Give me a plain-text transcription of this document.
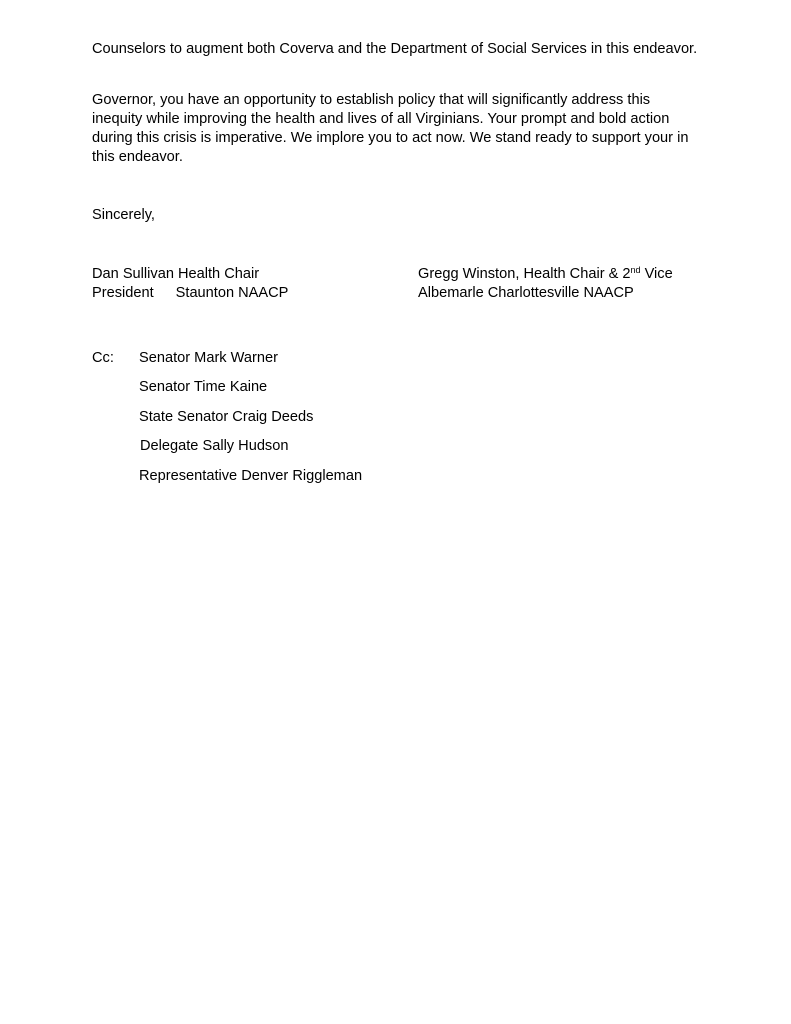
Counselors to augment both Coverva and the Department of Social Services in this endeavor.

Governor, you have an opportunity to establish policy that will significantly address this inequity while improving the health and lives of all Virginians. Your prompt and bold action during this crisis is imperative. We implore you to act now. We stand ready to support your in this endeavor.

Sincerely,
Dan Sullivan Health Chair
President Staunton NAACP
Gregg Winston, Health Chair & 2nd Vice
Albemarle Charlottesville NAACP
Cc: Senator Mark Warner
Senator Time Kaine
State Senator Craig Deeds
Delegate Sally Hudson
Representative Denver Riggleman
